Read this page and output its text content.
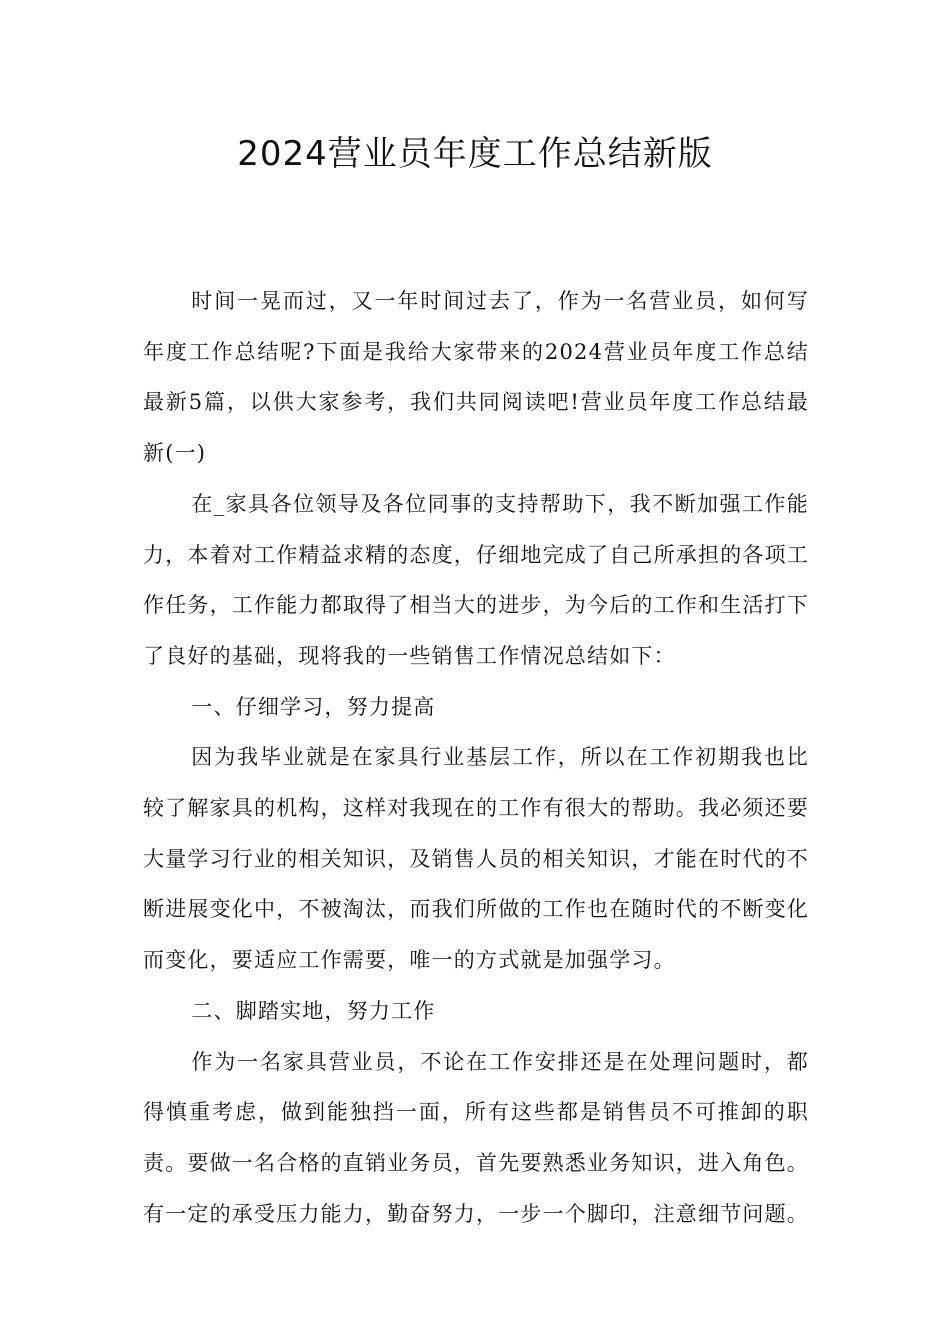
2024营业员年度工作总结新版

时间一晃而过，又一年时间过去了，作为一名营业员，如何写年度工作总结呢?下面是我给大家带来的2024营业员年度工作总结最新5篇，以供大家参考，我们共同阅读吧!营业员年度工作总结最新(一)

在_家具各位领导及各位同事的支持帮助下，我不断加强工作能力，本着对工作精益求精的态度，仔细地完成了自己所承担的各项工作任务，工作能力都取得了相当大的进步，为今后的工作和生活打下了良好的基础，现将我的一些销售工作情况总结如下：

一、仔细学习，努力提高

因为我毕业就是在家具行业基层工作，所以在工作初期我也比较了解家具的机构，这样对我现在的工作有很大的帮助。我必须还要大量学习行业的相关知识，及销售人员的相关知识，才能在时代的不断进展变化中，不被淘汰，而我们所做的工作也在随时代的不断变化而变化，要适应工作需要，唯一的方式就是加强学习。

二、脚踏实地，努力工作

作为一名家具营业员，不论在工作安排还是在处理问题时，都得慎重考虑，做到能独挡一面，所有这些都是销售员不可推卸的职责。要做一名合格的直销业务员，首先要熟悉业务知识，进入角色。有一定的承受压力能力，勤奋努力，一步一个脚印，注意细节问题。
